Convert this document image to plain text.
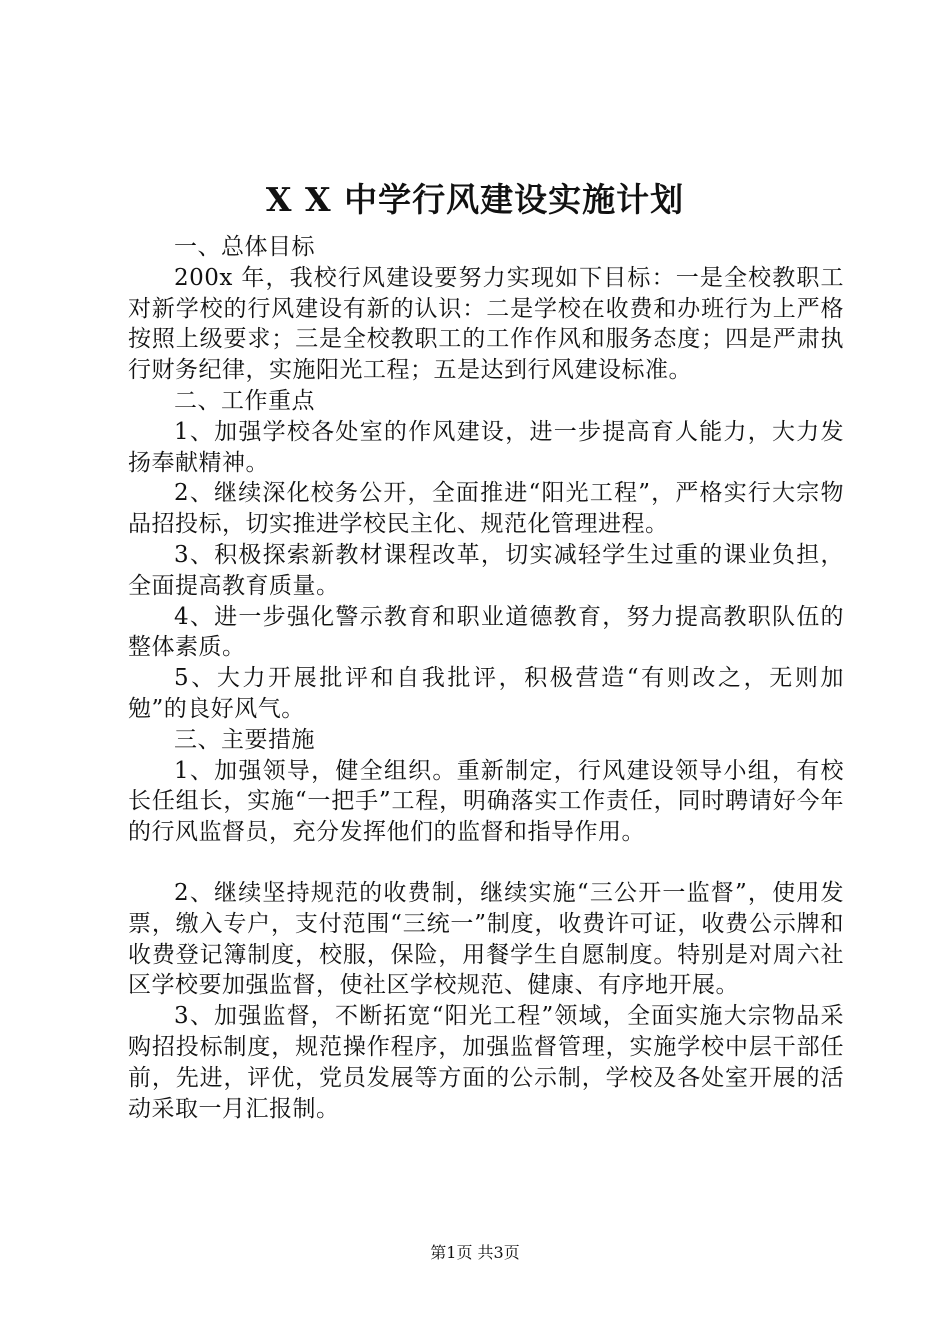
X X 中学行风建设实施计划

一、总体目标

200x 年，我校行风建设要努力实现如下目标：一是全校教职工对新学校的行风建设有新的认识：二是学校在收费和办班行为上严格按照上级要求；三是全校教职工的工作作风和服务态度；四是严肃执行财务纪律，实施阳光工程；五是达到行风建设标准。

二、工作重点

1、加强学校各处室的作风建设，进一步提高育人能力，大力发扬奉献精神。

2、继续深化校务公开，全面推进“阳光工程”，严格实行大宗物品招投标，切实推进学校民主化、规范化管理进程。

3、积极探索新教材课程改革，切实减轻学生过重的课业负担，全面提高教育质量。

4、进一步强化警示教育和职业道德教育，努力提高教职队伍的整体素质。

5、大力开展批评和自我批评，积极营造“有则改之，无则加勉”的良好风气。

三、主要措施

1、加强领导，健全组织。重新制定，行风建设领导小组，有校长任组长，实施“一把手”工程，明确落实工作责任，同时聘请好今年的行风监督员，充分发挥他们的监督和指导作用。

2、继续坚持规范的收费制，继续实施“三公开一监督”，使用发票，缴入专户，支付范围“三统一”制度，收费许可证，收费公示牌和收费登记簿制度，校服，保险，用餐学生自愿制度。特别是对周六社区学校要加强监督，使社区学校规范、健康、有序地开展。

3、加强监督，不断拓宽“阳光工程”领域，全面实施大宗物品采购招投标制度，规范操作程序，加强监督管理，实施学校中层干部任前，先进，评优，党员发展等方面的公示制，学校及各处室开展的活动采取一月汇报制。

第1页 共3页
